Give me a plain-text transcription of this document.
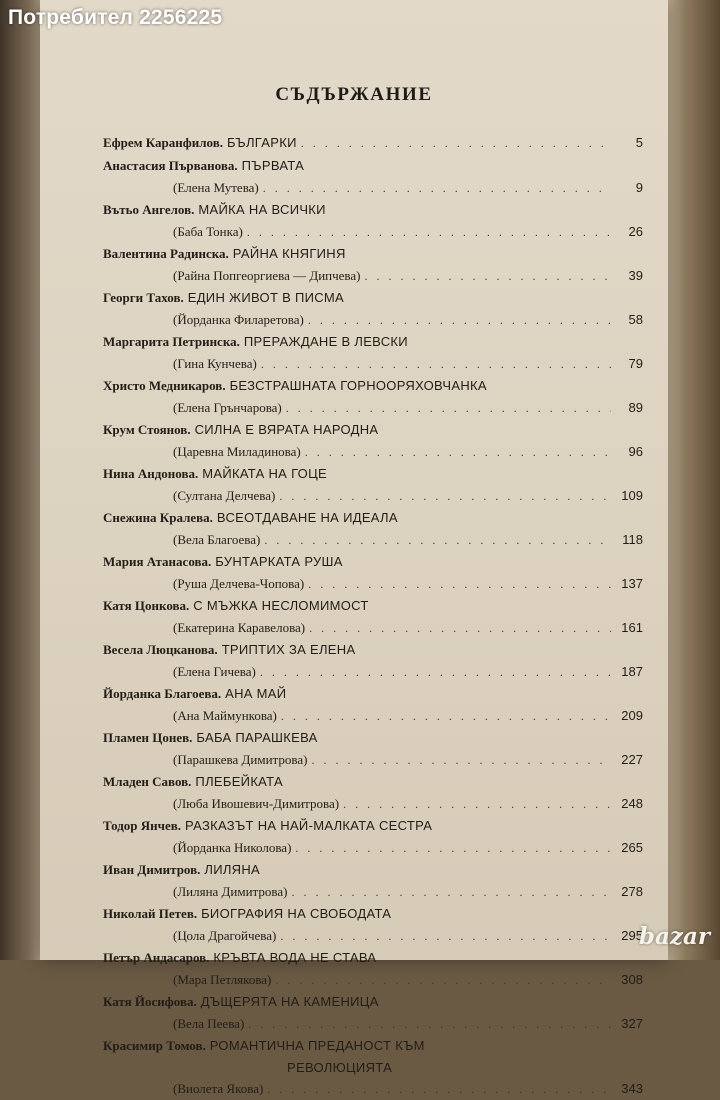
СЪДЪРЖАНИЕ
Ефрем Каранфилов. БЪЛГАРКИ . . .	5
Анастасия Първанова. ПЪРВАТА
(Елена Мутева) . . .	9
Вътьо Ангелов. МАЙКА НА ВСИЧКИ
(Баба Тонка) . . .	26
Валентина Радинска. РАЙНА КНЯГИНЯ
(Райна Попгеоргиева — Дипчева) . . .	39
Георги Тахов. ЕДИН ЖИВОТ В ПИСМА
(Йорданка Филаретова) . . .	58
Маргарита Петринска. ПРЕРАЖДАНЕ В ЛЕВСКИ
(Гина Кунчева) . . .	79
Христо Медникаров. БЕЗСТРАШНАТА ГОРНООРЯХОВЧАНКА
(Елена Грънчарова) . . .	89
Крум Стоянов. СИЛНА Е ВЯРАТА НАРОДНА
(Царевна Миладинова) . . .	96
Нина Андонова. МАЙКАТА НА ГОЦЕ
(Султана Делчева) . . .	109
Снежина Кралева. ВСЕОТДАВАНЕ НА ИДЕАЛА
(Вела Благоева) . . .	118
Мария Атанасова. БУНТАРКАТА РУША
(Руша Делчева-Чопова) . . .	137
Катя Цонкова. С МЪЖКА НЕСЛОМИМОСТ
(Екатерина Каравелова) . . .	161
Весела Люцканова. ТРИПТИХ ЗА ЕЛЕНА
(Елена Гичева) . . .	187
Йорданка Благоева. АНА МАЙ
(Ана Маймункова) . . .	209
Пламен Цонев. БАБА ПАРАШКЕВА
(Парашкева Димитрова) . . .	227
Младен Савов. ПЛЕБЕЙКАТА
(Люба Ивошевич-Димитрова) . . .	248
Тодор Янчев. РАЗКАЗЪТ НА НАЙ-МАЛКАТА СЕСТРА
(Йорданка Николова) . . .	265
Иван Димитров. ЛИЛЯНА
(Лиляна Димитрова) . . .	278
Николай Петев. БИОГРАФИЯ НА СВОБОДАТА
(Цола Драгойчева) . . .	295
Петър Андасаров. КРЪВТА ВОДА НЕ СТАВА
(Мара Петлякова) . . .	308
Катя Йосифова. ДЪЩЕРЯТА НА КАМЕНИЦА
(Вела Пеева) . . .	327
Красимир Томов. РОМАНТИЧНА ПРЕДАНОСТ КЪМ
РЕВОЛЮЦИЯТА
(Виолета Якова) . . .	343
Потребител 2256225
bazar
